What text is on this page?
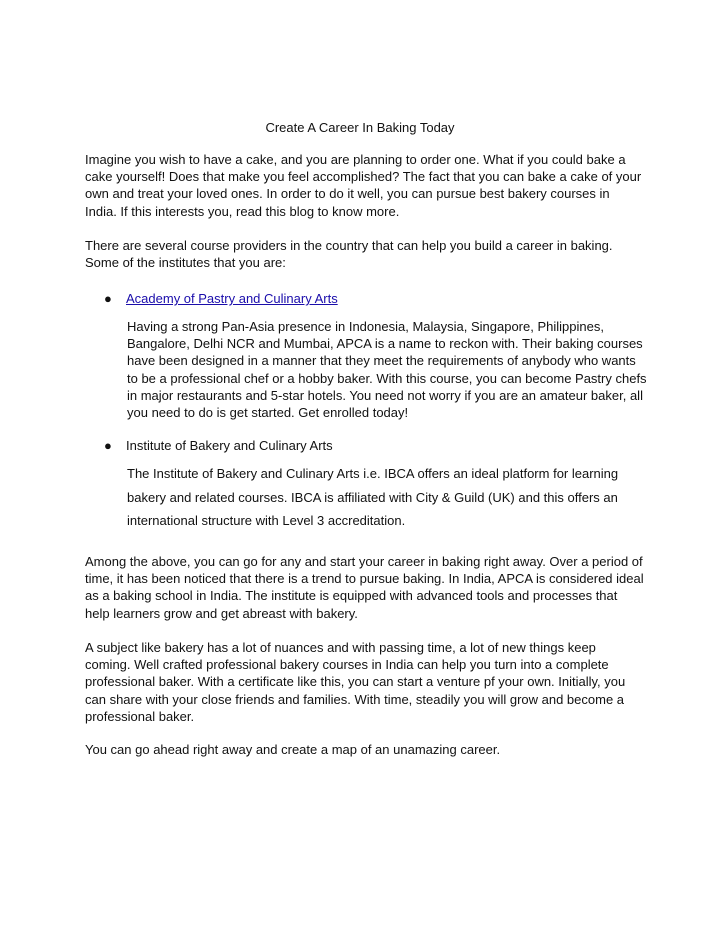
Create A Career In Baking Today

Imagine you wish to have a cake, and you are planning to order one. What if you could bake a cake yourself! Does that make you feel accomplished? The fact that you can bake a cake of your own and treat your loved ones. In order to do it well, you can pursue best bakery courses in India. If this interests you, read this blog to know more.

There are several course providers in the country that can help you build a career in baking. Some of the institutes that you are:

● Academy of Pastry and Culinary Arts

Having a strong Pan-Asia presence in Indonesia, Malaysia, Singapore, Philippines, Bangalore, Delhi NCR and Mumbai, APCA is a name to reckon with. Their baking courses have been designed in a manner that they meet the requirements of anybody who wants to be a professional chef or a hobby baker. With this course, you can become Pastry chefs in major restaurants and 5-star hotels. You need not worry if you are an amateur baker, all you need to do is get started. Get enrolled today!

● Institute of Bakery and Culinary Arts

The Institute of Bakery and Culinary Arts i.e. IBCA offers an ideal platform for learning bakery and related courses. IBCA is affiliated with City & Guild (UK) and this offers an international structure with Level 3 accreditation.

Among the above, you can go for any and start your career in baking right away. Over a period of time, it has been noticed that there is a trend to pursue baking. In India, APCA is considered ideal as a baking school in India. The institute is equipped with advanced tools and processes that help learners grow and get abreast with bakery.

A subject like bakery has a lot of nuances and with passing time, a lot of new things keep coming. Well crafted professional bakery courses in India can help you turn into a complete professional baker. With a certificate like this, you can start a venture pf your own. Initially, you can share with your close friends and families. With time, steadily you will grow and become a professional baker.

You can go ahead right away and create a map of an unamazing career.
